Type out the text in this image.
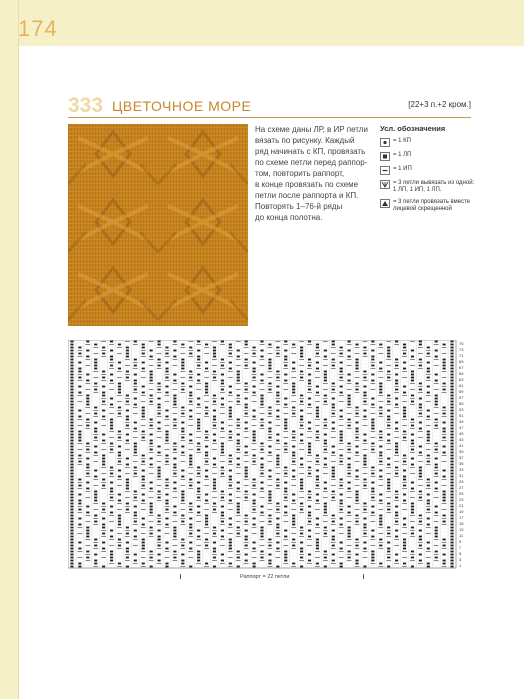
174
333 ЦВЕТОЧНОЕ МОРЕ	[22+3 п.+2 кром.]

На схеме даны ЛР, в ИР петли

вязать по рисунку. Каждый

ряд начинать с КП, провязать

по схеме петли перед раппор-

том, повторить раппорт,

в конце провязать по схеме

петли после раппорта и КП.

Повторять 1–76-й ряды

до конца полотна.

Усл. обозначения
= 1 КП
= 1 ЛП
= 1 ИП
= 3 петли вывязать из одной: 1 ЛП, 1 ИП, 1 ЛП.
= 3 петли провязать вместе лицевой скрещенной
75
73
71
69
67
65
63
61
59
57
55
53
51
49
47
45
43
41
39
37
35
33
31
29
27
25
23
21
19
17
15
13
11
9
7
5
3
1
Раппорт = 22 петли
